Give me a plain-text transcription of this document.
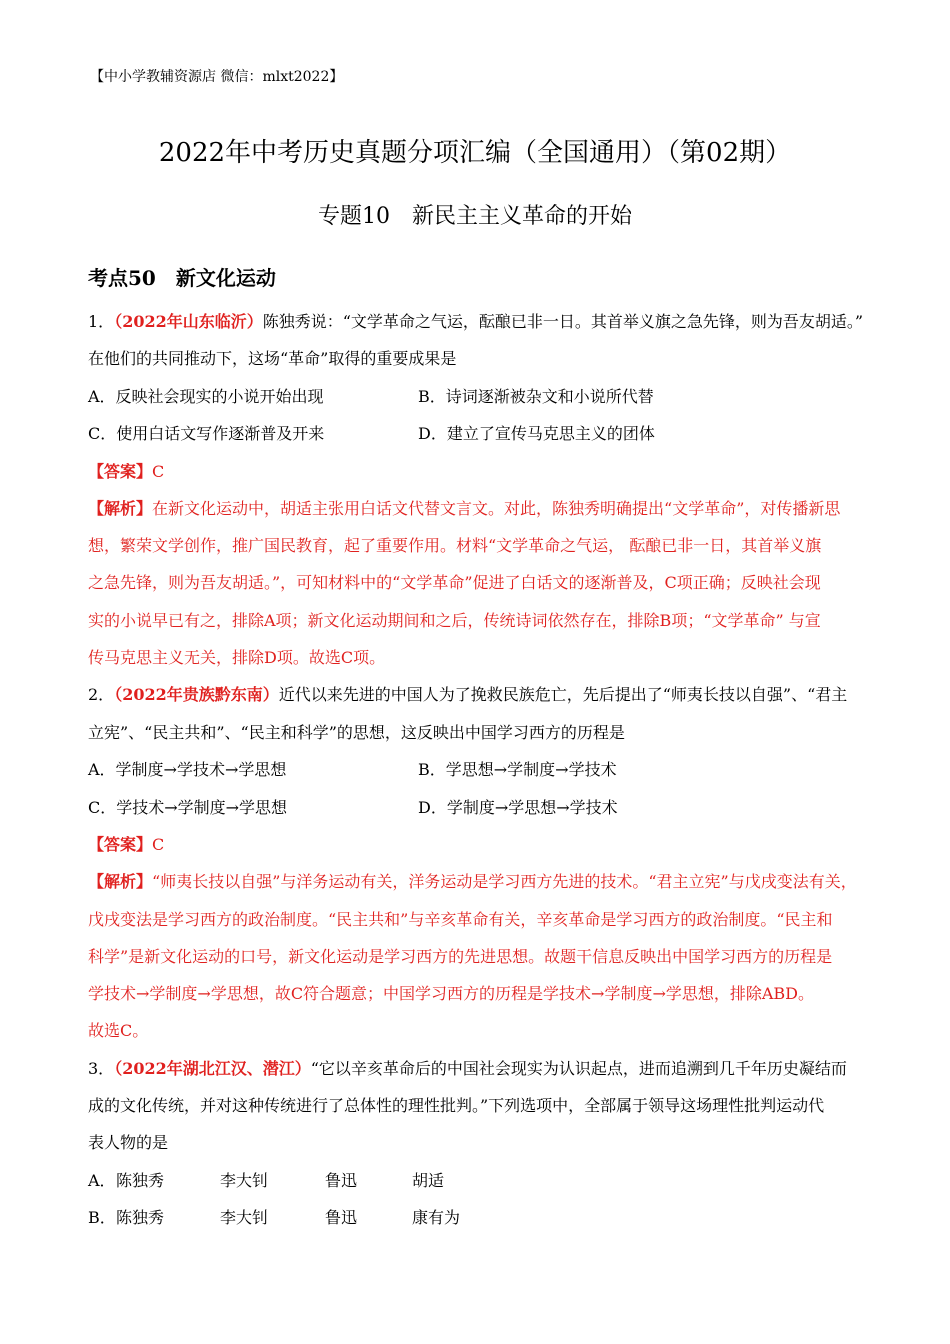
【中小学教辅资源店 微信：mlxt2022】
2022年中考历史真题分项汇编（全国通用）（第02期）
专题10　新民主主义革命的开始
考点50　新文化运动
1．（2022年山东临沂）陈独秀说：“文学革命之气运，酝酿已非一日。其首举义旗之急先锋，则为吾友胡适。”
在他们的共同推动下，这场“革命”取得的重要成果是
A．反映社会现实的小说开始出现	B．诗词逐渐被杂文和小说所代替
C．使用白话文写作逐渐普及开来	D．建立了宣传马克思主义的团体
【答案】C
【解析】在新文化运动中，胡适主张用白话文代替文言文。对此，陈独秀明确提出“文学革命”，对传播新思
想，繁荣文学创作，推广国民教育，起了重要作用。材料“文学革命之气运， 酝酿已非一日，其首举义旗
之急先锋，则为吾友胡适。”，可知材料中的“文学革命”促进了白话文的逐渐普及，C项正确；反映社会现
实的小说早已有之，排除A项；新文化运动期间和之后，传统诗词依然存在，排除B项；“文学革命” 与宣
传马克思主义无关，排除D项。故选C项。
2．（2022年贵族黔东南）近代以来先进的中国人为了挽救民族危亡，先后提出了“师夷长技以自强”、“君主
立宪”、“民主共和”、“民主和科学”的思想，这反映出中国学习西方的历程是
A．学制度→学技术→学思想	B．学思想→学制度→学技术
C．学技术→学制度→学思想	D．学制度→学思想→学技术
【答案】C
【解析】“师夷长技以自强”与洋务运动有关，洋务运动是学习西方先进的技术。“君主立宪”与戊戌变法有关，
戊戌变法是学习西方的政治制度。“民主共和”与辛亥革命有关，辛亥革命是学习西方的政治制度。“民主和
科学”是新文化运动的口号，新文化运动是学习西方的先进思想。故题干信息反映出中国学习西方的历程是
学技术→学制度→学思想，故C符合题意；中国学习西方的历程是学技术→学制度→学思想，排除ABD。
故选C。
3．（2022年湖北江汉、潜江）“它以辛亥革命后的中国社会现实为认识起点，进而追溯到几千年历史凝结而
成的文化传统，并对这种传统进行了总体性的理性批判。”下列选项中，全部属于领导这场理性批判运动代
表人物的是
A． 陈独秀	李大钊	鲁迅	胡适
B． 陈独秀	李大钊	鲁迅	康有为
